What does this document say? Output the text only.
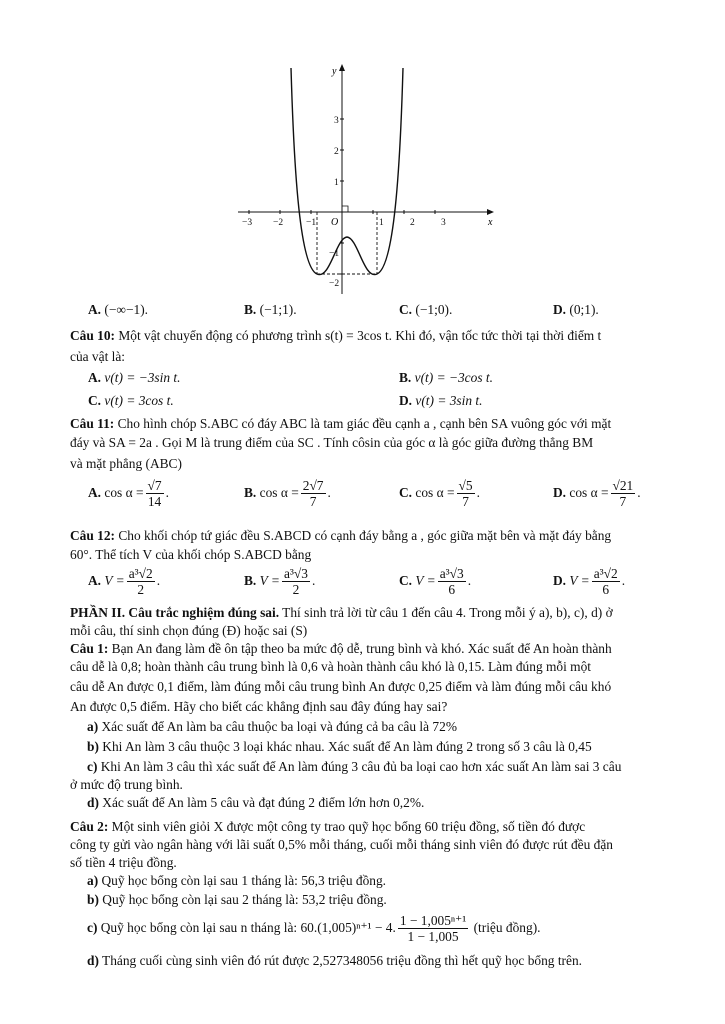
y
x
O
−3 −2 −1	1	2	3
3
2
1
−1
−2
A. (−∞−1).	B. (−1;1).	C. (−1;0).	D. (0;1).
Câu 10: Một vật chuyển động có phương trình s(t) = 3cos t. Khi đó, vận tốc tức thời tại thời điểm t
của vật là:
A. v(t) = −3sin t.	B. v(t) = −3cos t.
C. v(t) = 3cos t.	D. v(t) = 3sin t.
Câu 11: Cho hình chóp S.ABC có đáy ABC là tam giác đều cạnh a , cạnh bên SA vuông góc với mặt
đáy và SA = 2a . Gọi M là trung điểm của SC . Tính côsin của góc α là góc giữa đường thẳng BM
và mặt phẳng (ABC)
A. $\cos \alpha = \frac{√7}{14}$ .	B. $\cos \alpha = \frac{2√7}{7}$ .	C. $\cos \alpha = \frac{√5}{7}$ .	D. $\cos \alpha = \frac{√21}{7}$ .
Câu 12: Cho khối chóp tứ giác đều S.ABCD có cạnh đáy bằng a , góc giữa mặt bên và mặt đáy bằng
60°. Thể tích V của khối chóp S.ABCD bằng
A. $V = \frac{\text{a³√2}}{2}$ .	B. $V = \frac{\text{a³√3}}{2}$ .	C. $V = \frac{\text{a³√3}}{6}$ .	D. $V = \frac{\text{a³√2}}{6}$ .
PHẦN II. Câu trắc nghiệm đúng sai. Thí sinh trả lời từ câu 1 đến câu 4. Trong mỗi ý a), b), c), d) ở
mỗi câu, thí sinh chọn đúng (Đ) hoặc sai (S)
Câu 1: Bạn An đang làm đề ôn tập theo ba mức độ dễ, trung bình và khó. Xác suất để An hoàn thành
câu dễ là 0,8; hoàn thành câu trung bình là 0,6 và hoàn thành câu khó là 0,15. Làm đúng mỗi một
câu dễ An được 0,1 điểm, làm đúng mỗi câu trung bình An được 0,25 điểm và làm đúng mỗi câu khó
An được 0,5 điểm. Hãy cho biết các khẳng định sau đây đúng hay sai?
a) Xác suất để An làm ba câu thuộc ba loại và đúng cả ba câu là 72%
b) Khi An làm 3 câu thuộc 3 loại khác nhau. Xác suất để An làm đúng 2 trong số 3 câu là 0,45
c) Khi An làm 3 câu thì xác suất để An làm đúng 3 câu đủ ba loại cao hơn xác suất An làm sai 3 câu
ở mức độ trung bình.
d) Xác suất để An làm 5 câu và đạt đúng 2 điểm lớn hơn 0,2%.
Câu 2: Một sinh viên giỏi X được một công ty trao quỹ học bổng 60 triệu đồng, số tiền đó được
công ty gửi vào ngân hàng với lãi suất 0,5% mỗi tháng, cuối mỗi tháng sinh viên đó được rút đều đặn
số tiền 4 triệu đồng.
a) Quỹ học bổng còn lại sau 1 tháng là: 56,3 triệu đồng.
b) Quỹ học bổng còn lại sau 2 tháng là: 53,2 triệu đồng.
c) Quỹ học bổng còn lại sau n tháng là: 60.(1,005)ⁿ⁺¹ − 4. $\frac{\text{1 − 1,005ⁿ⁺¹}}{1 - 1,005}$ (triệu đồng).
d) Tháng cuối cùng sinh viên đó rút được 2,527348056 triệu đồng thì hết quỹ học bổng trên.
